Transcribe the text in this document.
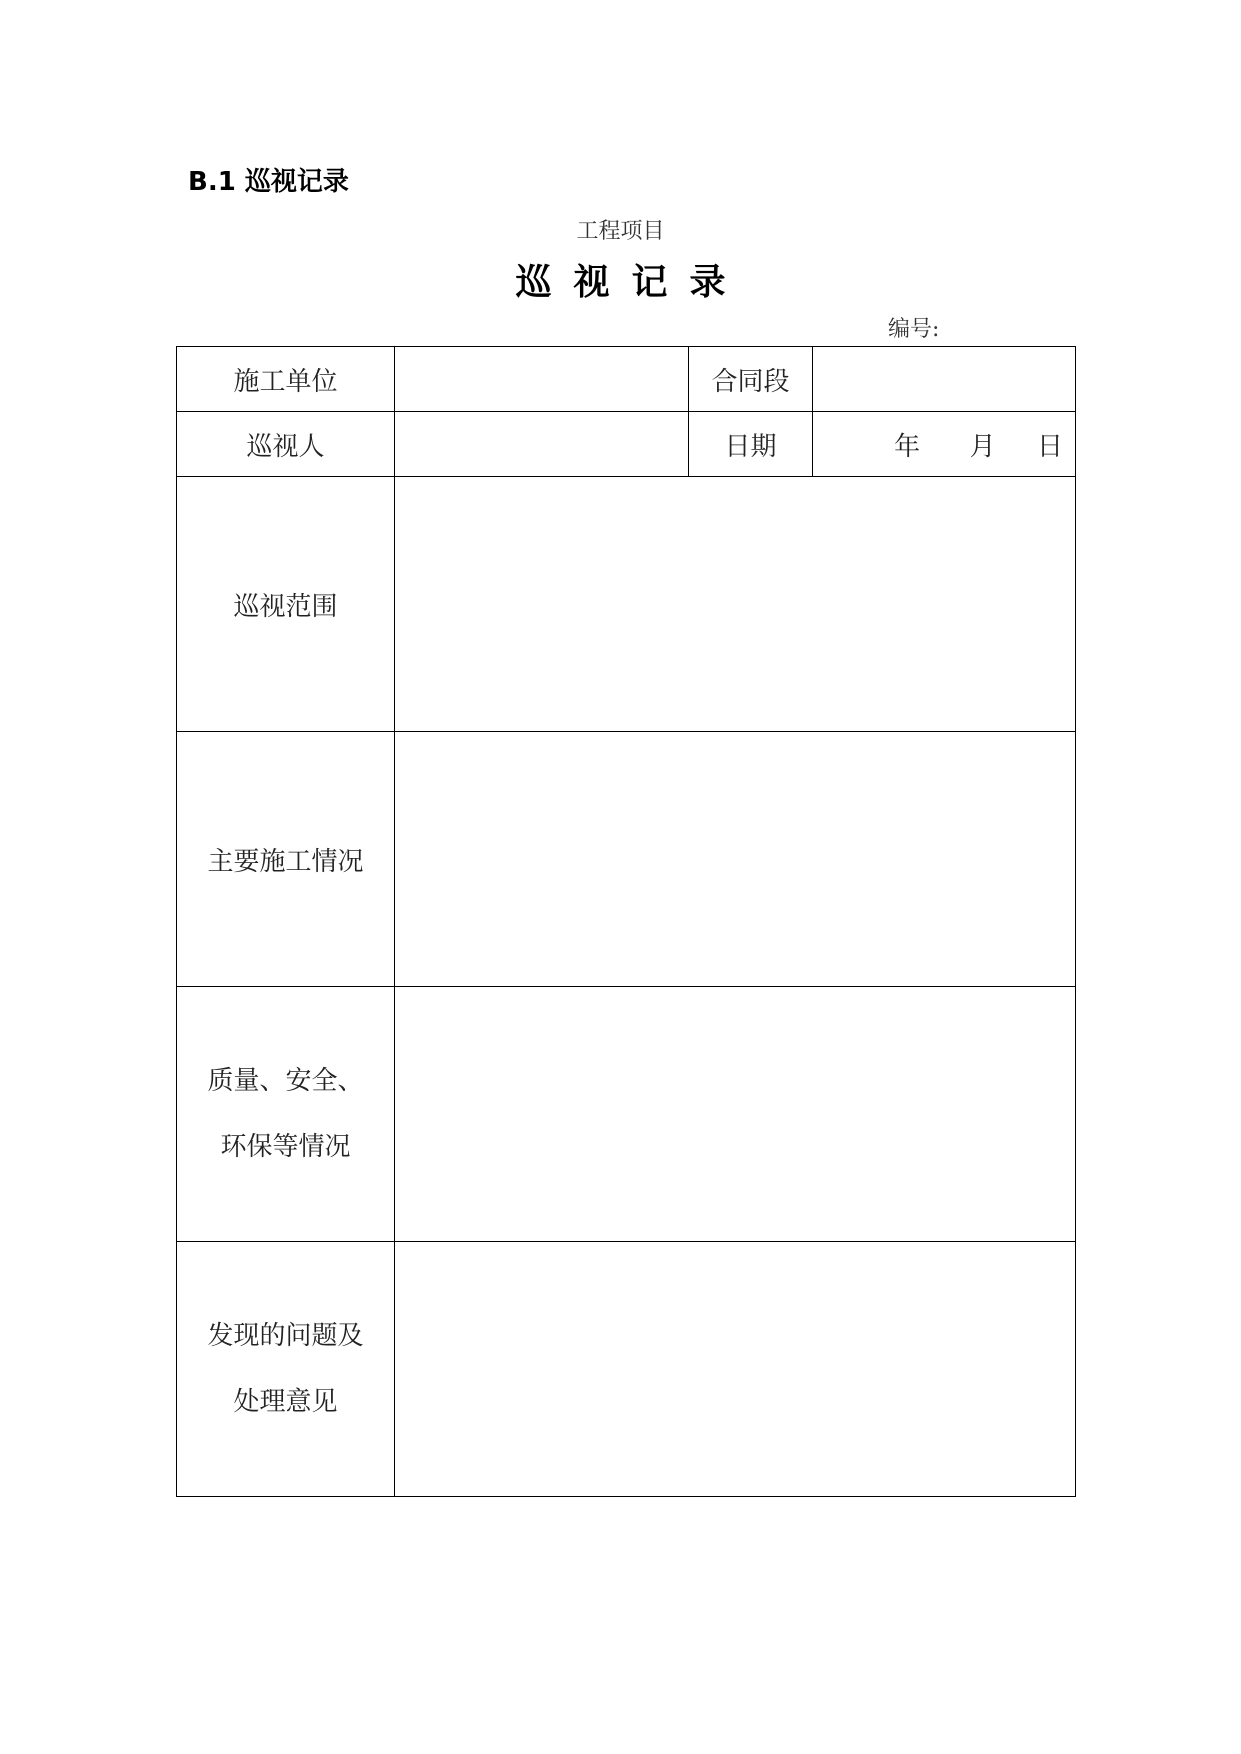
B.1 巡视记录
工程项目
巡视记录
编号:
施工单位		合同段	
巡视人		日期	年      月     日
巡视范围			
主要施工情况			

质量、安全、
环保等情况			

发现的问题及
处理意见			
